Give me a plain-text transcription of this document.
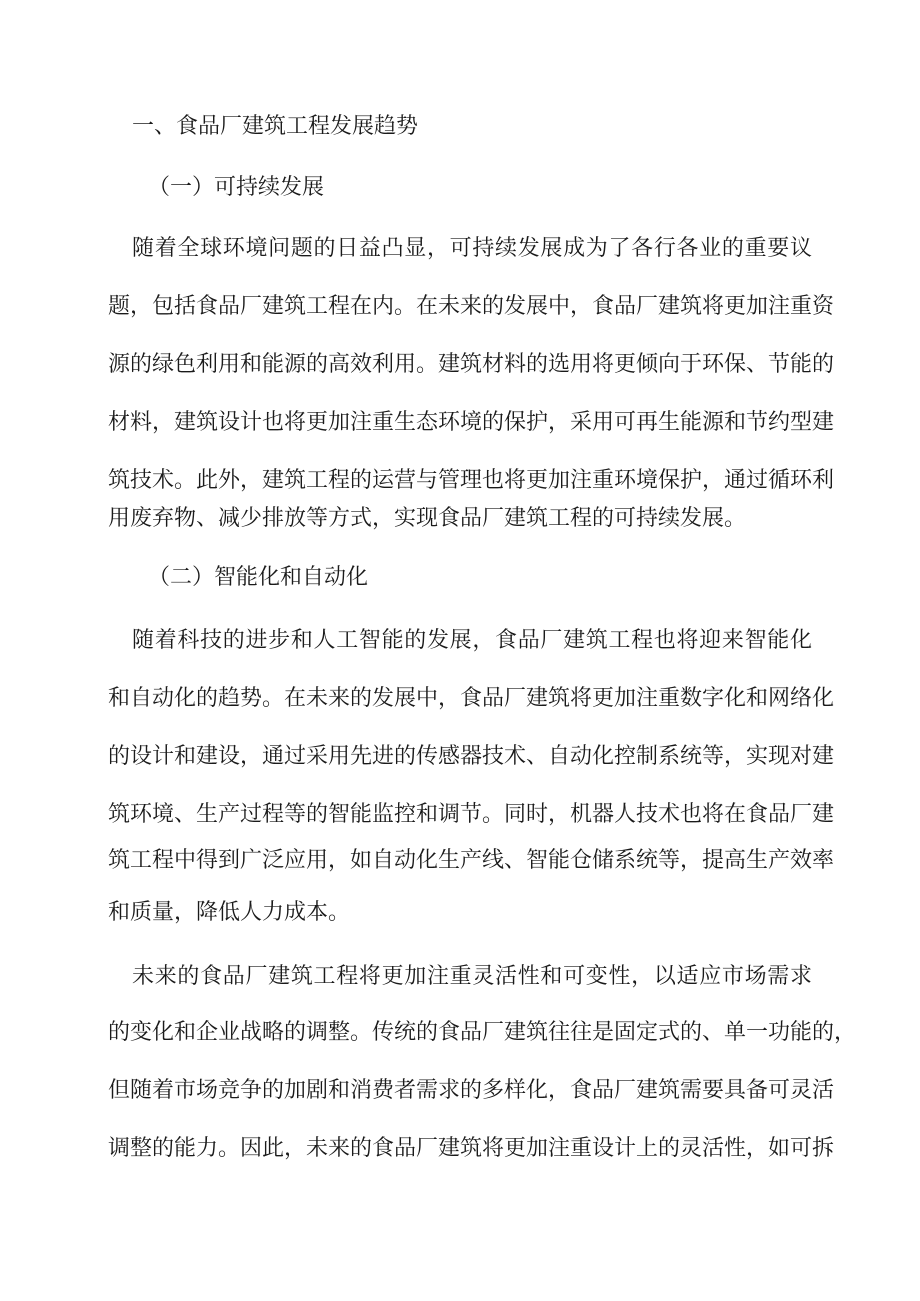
一、食品厂建筑工程发展趋势
（一）可持续发展
随着全球环境问题的日益凸显，可持续发展成为了各行各业的重要议
题，包括食品厂建筑工程在内。在未来的发展中，食品厂建筑将更加注重资
源的绿色利用和能源的高效利用。建筑材料的选用将更倾向于环保、节能的
材料，建筑设计也将更加注重生态环境的保护，采用可再生能源和节约型建
筑技术。此外，建筑工程的运营与管理也将更加注重环境保护，通过循环利
用废弃物、减少排放等方式，实现食品厂建筑工程的可持续发展。
（二）智能化和自动化
随着科技的进步和人工智能的发展，食品厂建筑工程也将迎来智能化
和自动化的趋势。在未来的发展中，食品厂建筑将更加注重数字化和网络化
的设计和建设，通过采用先进的传感器技术、自动化控制系统等，实现对建
筑环境、生产过程等的智能监控和调节。同时，机器人技术也将在食品厂建
筑工程中得到广泛应用，如自动化生产线、智能仓储系统等，提高生产效率
和质量，降低人力成本。
未来的食品厂建筑工程将更加注重灵活性和可变性，以适应市场需求
的变化和企业战略的调整。传统的食品厂建筑往往是固定式的、单一功能的，
但随着市场竞争的加剧和消费者需求的多样化，食品厂建筑需要具备可灵活
调整的能力。因此，未来的食品厂建筑将更加注重设计上的灵活性，如可拆
